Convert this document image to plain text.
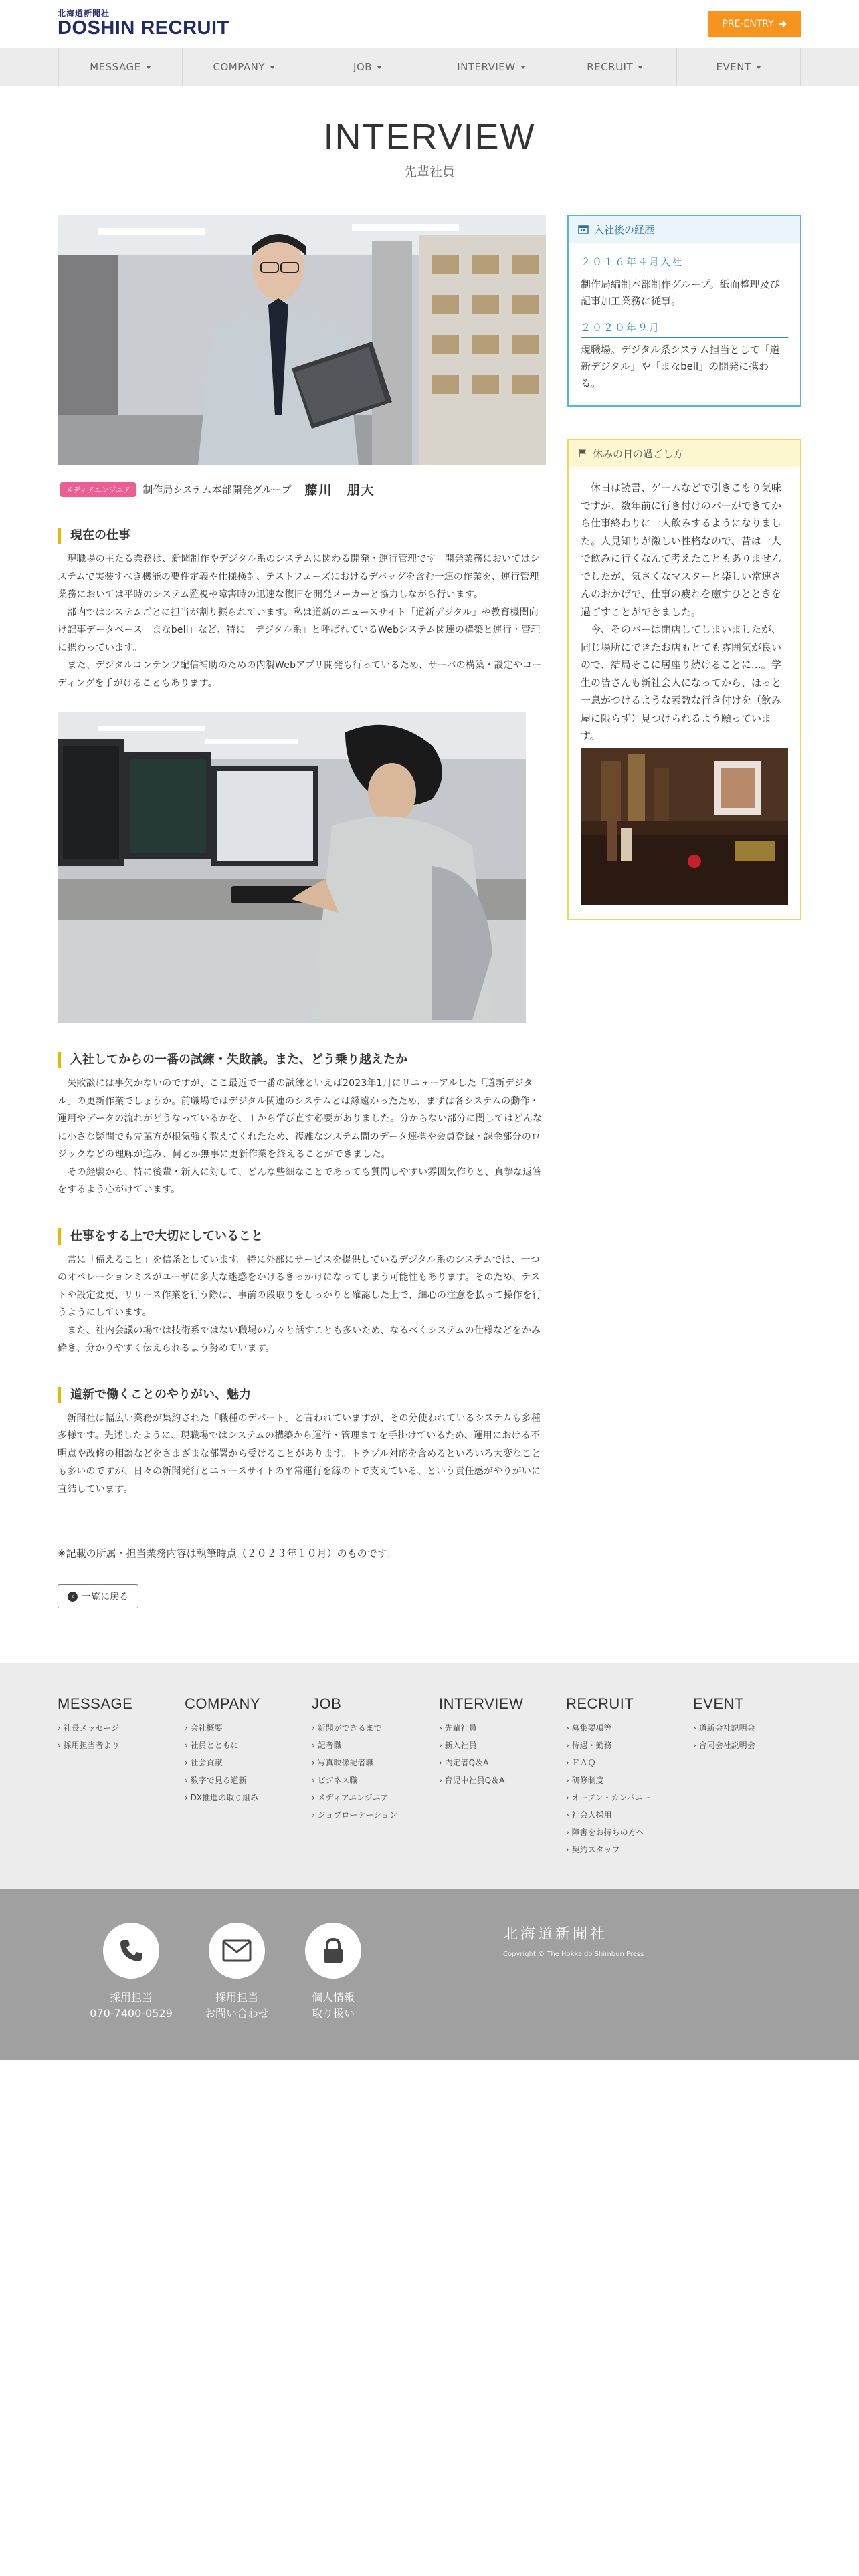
北海道新聞社
DOSHIN RECRUIT	PRE-ENTRY
MESSAGE	COMPANY	JOB	INTERVIEW	RECRUIT	EVENT
INTERVIEW
先輩社員
メディアエンジニア	制作局システム本部開発グループ 藤川　朋大
現在の仕事

　現職場の主たる業務は、新聞制作やデジタル系のシステムに関わる開発・運行管理です。開発業務においてはシステムで実装すべき機能の要件定義や仕様検討、テストフェーズにおけるデバッグを含む一連の作業を、運行管理業務においては平時のシステム監視や障害時の迅速な復旧を開発メーカーと協力しながら行います。
　部内ではシステムごとに担当が割り振られています。私は道新のニュースサイト「道新デジタル」や教育機関向け記事データベース「まなbell」など、特に「デジタル系」と呼ばれているWebシステム関連の構築と運行・管理に携わっています。
　また、デジタルコンテンツ配信補助のための内製Webアプリ開発も行っているため、サーバの構築・設定やコーディングを手がけることもあります。

入社してからの一番の試練・失敗談。また、どう乗り越えたか

　失敗談には事欠かないのですが、ここ最近で一番の試練といえば2023年1月にリニューアルした「道新デジタル」の更新作業でしょうか。前職場ではデジタル関連のシステムとは縁遠かったため、まずは各システムの動作・運用やデータの流れがどうなっているかを、１から学び直す必要がありました。分からない部分に関してはどんなに小さな疑問でも先輩方が根気強く教えてくれたため、複雑なシステム間のデータ連携や会員登録・課金部分のロジックなどの理解が進み、何とか無事に更新作業を終えることができました。
　その経験から、特に後輩・新人に対して、どんな些細なことであっても質問しやすい雰囲気作りと、真摯な返答をするよう心がけています。

仕事をする上で大切にしていること

　常に「備えること」を信条としています。特に外部にサービスを提供しているデジタル系のシステムでは、一つのオペレーションミスがユーザに多大な迷惑をかけるきっかけになってしまう可能性もあります。そのため、テストや設定変更、リリース作業を行う際は、事前の段取りをしっかりと確認した上で、細心の注意を払って操作を行うようにしています。
　また、社内会議の場では技術系ではない職場の方々と話すことも多いため、なるべくシステムの仕様などをかみ砕き、分かりやすく伝えられるよう努めています。

道新で働くことのやりがい、魅力

　新聞社は幅広い業務が集約された「職種のデパート」と言われていますが、その分使われているシステムも多種多様です。先述したように、現職場ではシステムの構築から運行・管理までを手掛けているため、運用における不明点や改修の相談などをさまざまな部署から受けることがあります。トラブル対応を含めるといろいろ大変なことも多いのですが、日々の新聞発行とニュースサイトの平常運行を縁の下で支えている、という責任感がやりがいに直結しています。

※記載の所属・担当業務内容は執筆時点（２０２３年１０月）のものです。

‹ 一覧に戻る
入社後の経歴
２０１６年４月入社
制作局編制本部制作グループ。紙面整理及び記事加工業務に従事。
２０２０年９月
現職場。デジタル系システム担当として「道新デジタル」や「まなbell」の開発に携わる。
休みの日の過ごし方

　休日は読書、ゲームなどで引きこもり気味ですが、数年前に行き付けのバーができてから仕事終わりに一人飲みするようになりました。人見知りが激しい性格なので、昔は一人で飲みに行くなんて考えたこともありませんでしたが、気さくなマスターと楽しい常連さんのおかげで、仕事の疲れを癒すひとときを過ごすことができました。
　今、そのバーは閉店してしまいましたが、同じ場所にできたお店もとても雰囲気が良いので、結局そこに居座り続けることに…。学生の皆さんも新社会人になってから、ほっと一息がつけるような素敵な行き付けを（飲み屋に限らず）見つけられるよう願っています。

MESSAGE
› 社長メッセージ
› 採用担当者より
COMPANY
› 会社概要
› 社員とともに
› 社会貢献
› 数字で見る道新
› DX推進の取り組み
JOB
› 新聞ができるまで
› 記者職
› 写真映像記者職
› ビジネス職
› メディアエンジニア
› ジョブローテーション
INTERVIEW
› 先輩社員
› 新入社員
› 内定者Q＆A
› 育児中社員Q＆A
RECRUIT
› 募集要項等
› 待遇・勤務
› ＦＡＱ
› 研修制度
› オープン・カンパニー
› 社会人採用
› 障害をお持ちの方へ
› 契約スタッフ
EVENT
› 道新会社説明会
› 合同会社説明会
採用担当
070-7400-0529
採用担当
お問い合わせ
個人情報
取り扱い
北海道新聞社
Copyright © The Hokkaido Shimbun Press
